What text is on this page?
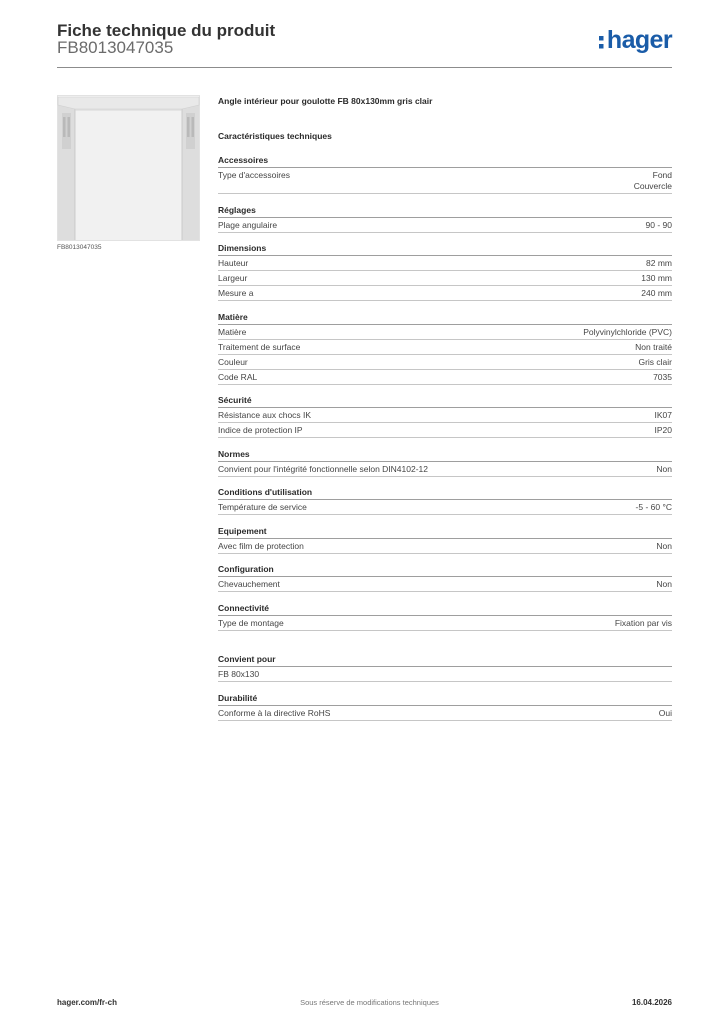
Fiche technique du produit
FB8013047035	hager
FB8013047035
Angle intérieur pour goulotte FB 80x130mm gris clair
Caractéristiques techniques
Accessoires
Type d'accessoires	Fond
Couvercle
Réglages
Plage angulaire	90 - 90
Dimensions
Hauteur	82 mm
Largeur	130 mm
Mesure a	240 mm
Matière
Matière	Polyvinylchloride (PVC)
Traitement de surface	Non traité
Couleur	Gris clair
Code RAL	7035
Sécurité
Résistance aux chocs IK	IK07
Indice de protection IP	IP20
Normes
Convient pour l'intégrité fonctionnelle selon DIN4102-12	Non
Conditions d'utilisation
Température de service	-5 - 60 °C
Equipement
Avec film de protection	Non
Configuration
Chevauchement	Non
Connectivité
Type de montage	Fixation par vis
Convient pour
FB 80x130
Durabilité
Conforme à la directive RoHS	Oui
hager.com/fr-ch	Sous réserve de modifications techniques	16.04.2026
